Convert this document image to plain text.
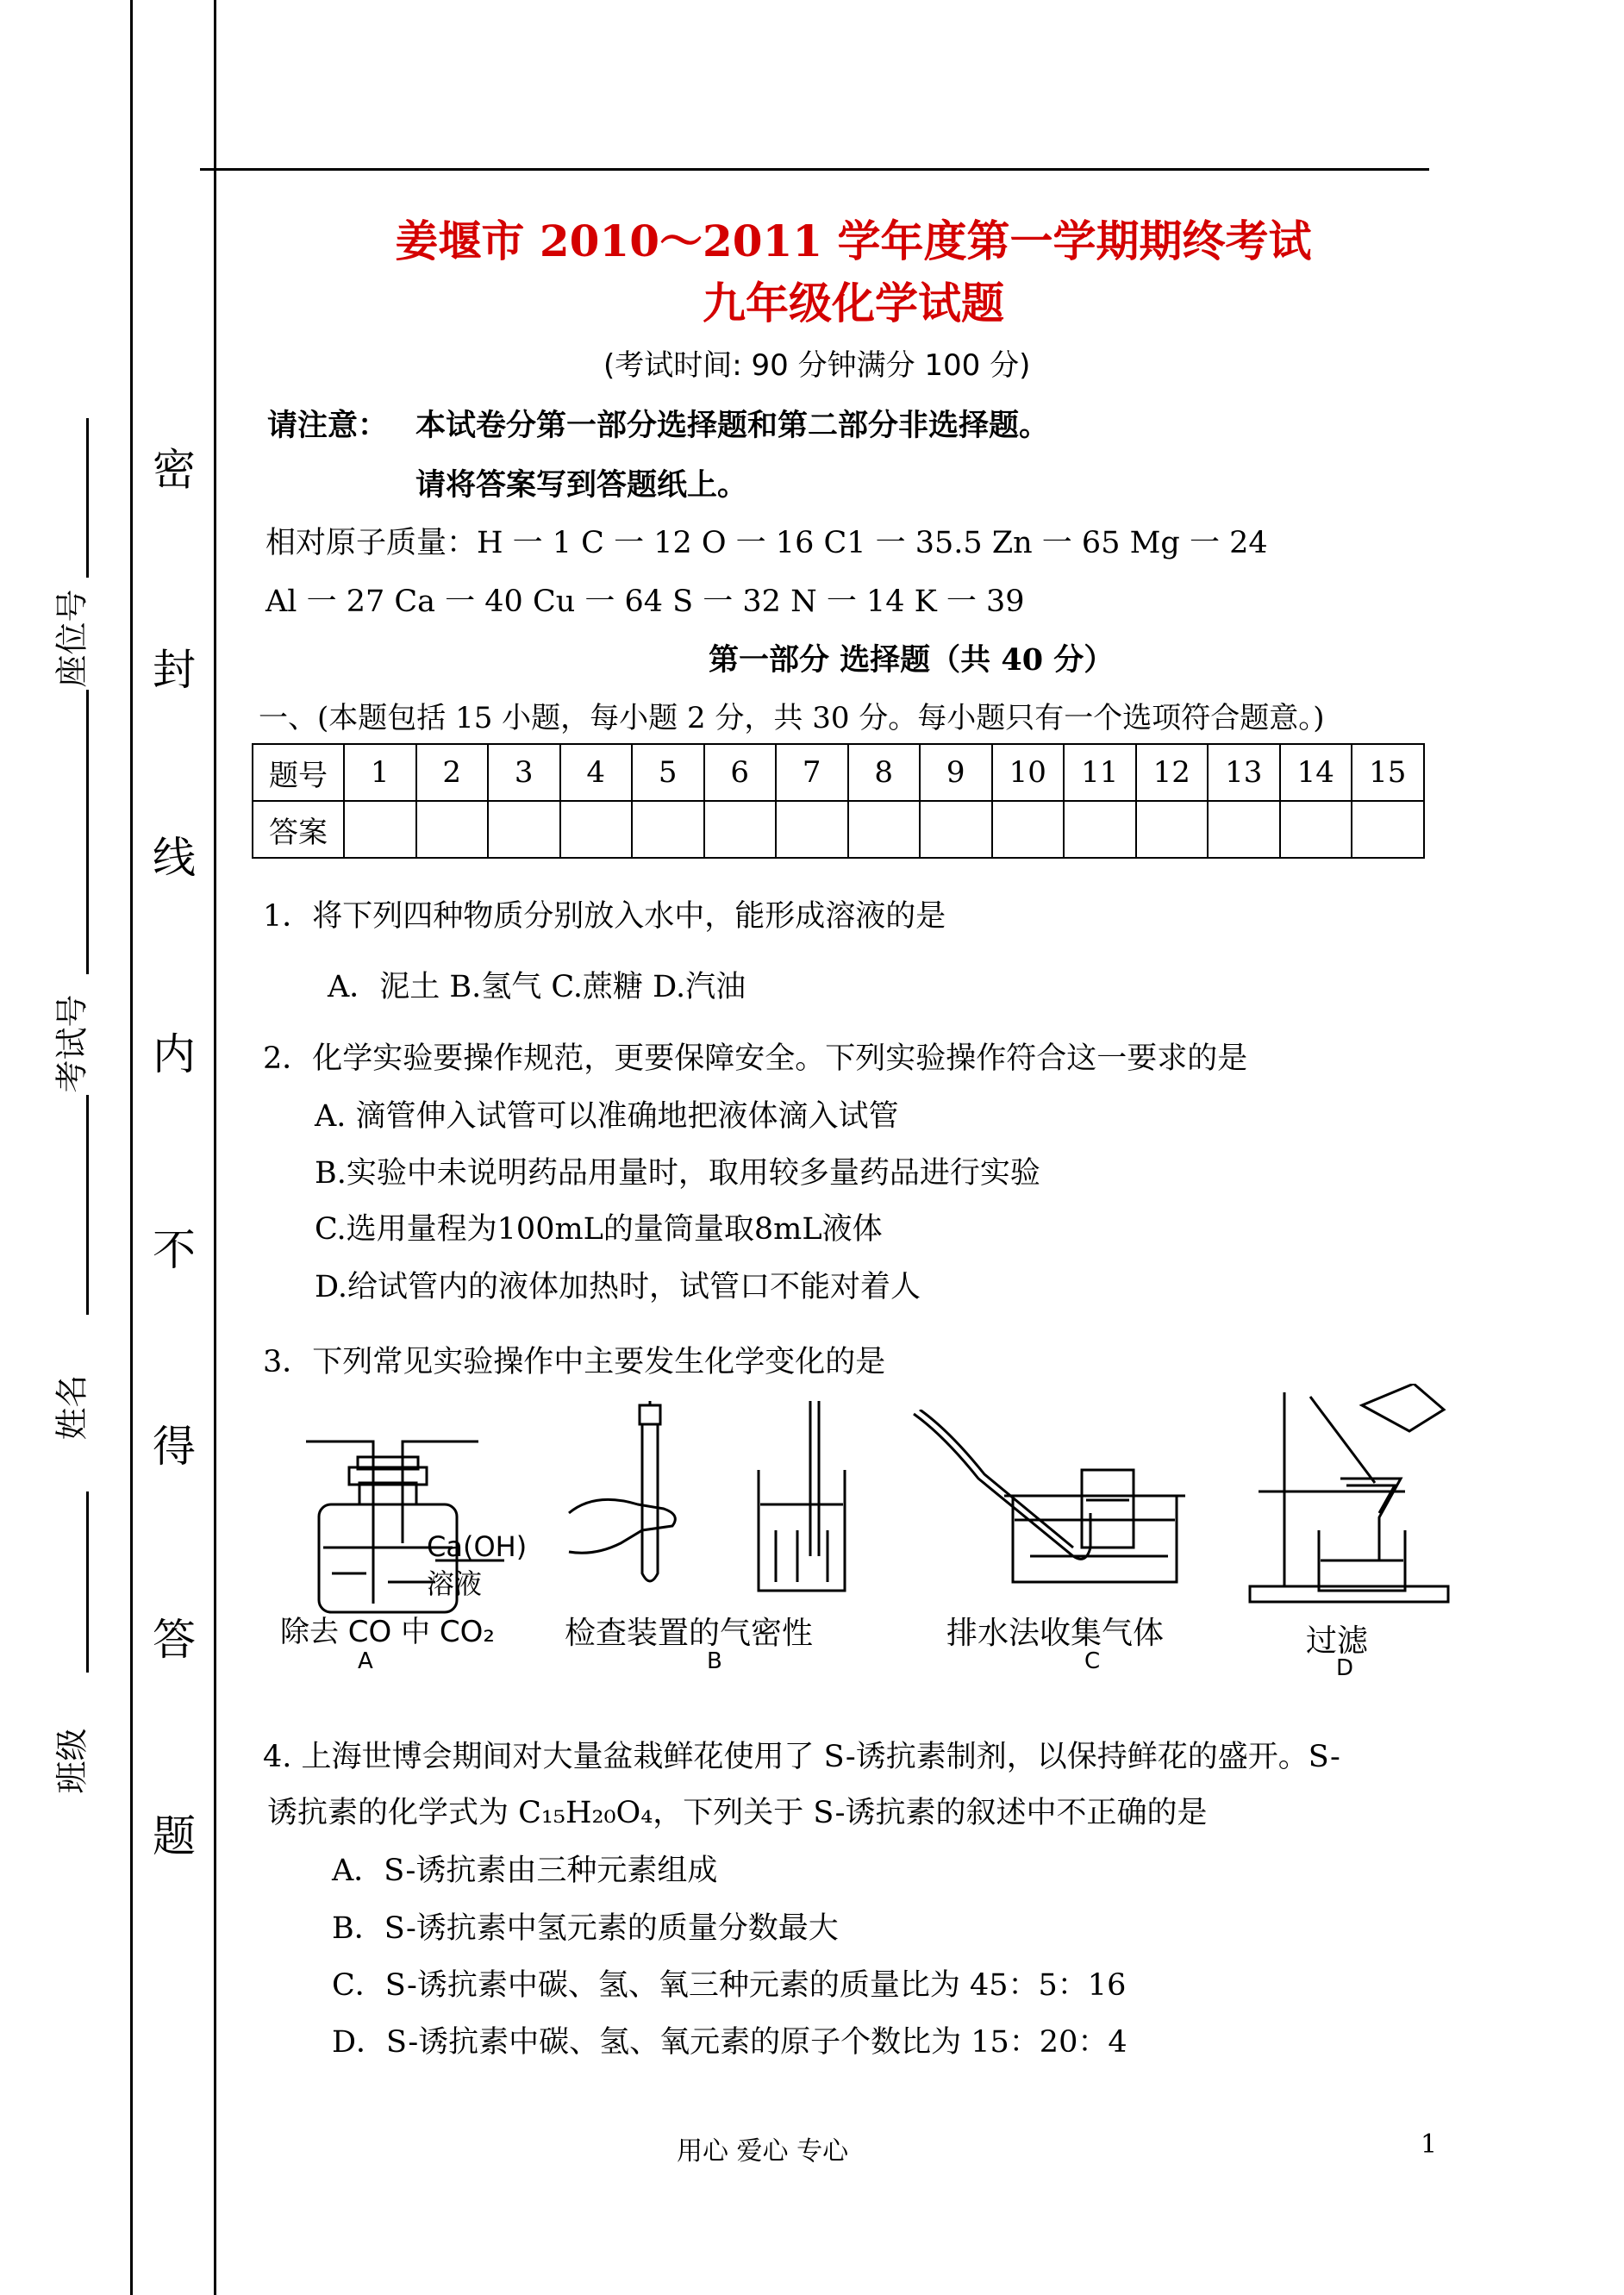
密
封
线
内
不
得
答
题
座位号
考试号
姓名
班级
姜堰市 2010～2011 学年度第一学期期终考试
九年级化学试题
(考试时间: 90 分钟满分 100 分)
请注意： 本试卷分第一部分选择题和第二部分非选择题。
请将答案写到答题纸上。
相对原子质量：H 一 1 C 一 12 O 一 16 C1 一 35.5 Zn 一 65 Mg 一 24
Al 一 27 Ca 一 40 Cu 一 64 S 一 32 N 一 14 K 一 39
第一部分 选择题（共 40 分）
一、(本题包括 15 小题，每小题 2 分，共 30 分。每小题只有一个选项符合题意。)
题号	1	2	3	4	5	6	7	8	9	10	11	12	13	14	15
答案															
1．将下列四种物质分别放入水中，能形成溶液的是
A．泥土 B.氢气 C.蔗糖 D.汽油
2．化学实验要操作规范，更要保障安全。下列实验操作符合这一要求的是
A. 滴管伸入试管可以准确地把液体滴入试管
B.实验中未说明药品用量时，取用较多量药品进行实验
C.选用量程为100mL的量筒量取8mL液体
D.给试管内的液体加热时，试管口不能对着人
3．下列常见实验操作中主要发生化学变化的是
Ca(OH)
溶液
除去 CO 中 CO₂
A
检查装置的气密性
B
排水法收集气体
C
过滤
D
4. 上海世博会期间对大量盆栽鲜花使用了 S-诱抗素制剂，以保持鲜花的盛开。S-
诱抗素的化学式为 C₁₅H₂₀O₄，下列关于 S-诱抗素的叙述中不正确的是
A．S-诱抗素由三种元素组成
B．S-诱抗素中氢元素的质量分数最大
C．S-诱抗素中碳、氢、氧三种元素的质量比为 45：5：16
D．S-诱抗素中碳、氢、氧元素的原子个数比为 15：20：4
用心 爱心 专心	1
